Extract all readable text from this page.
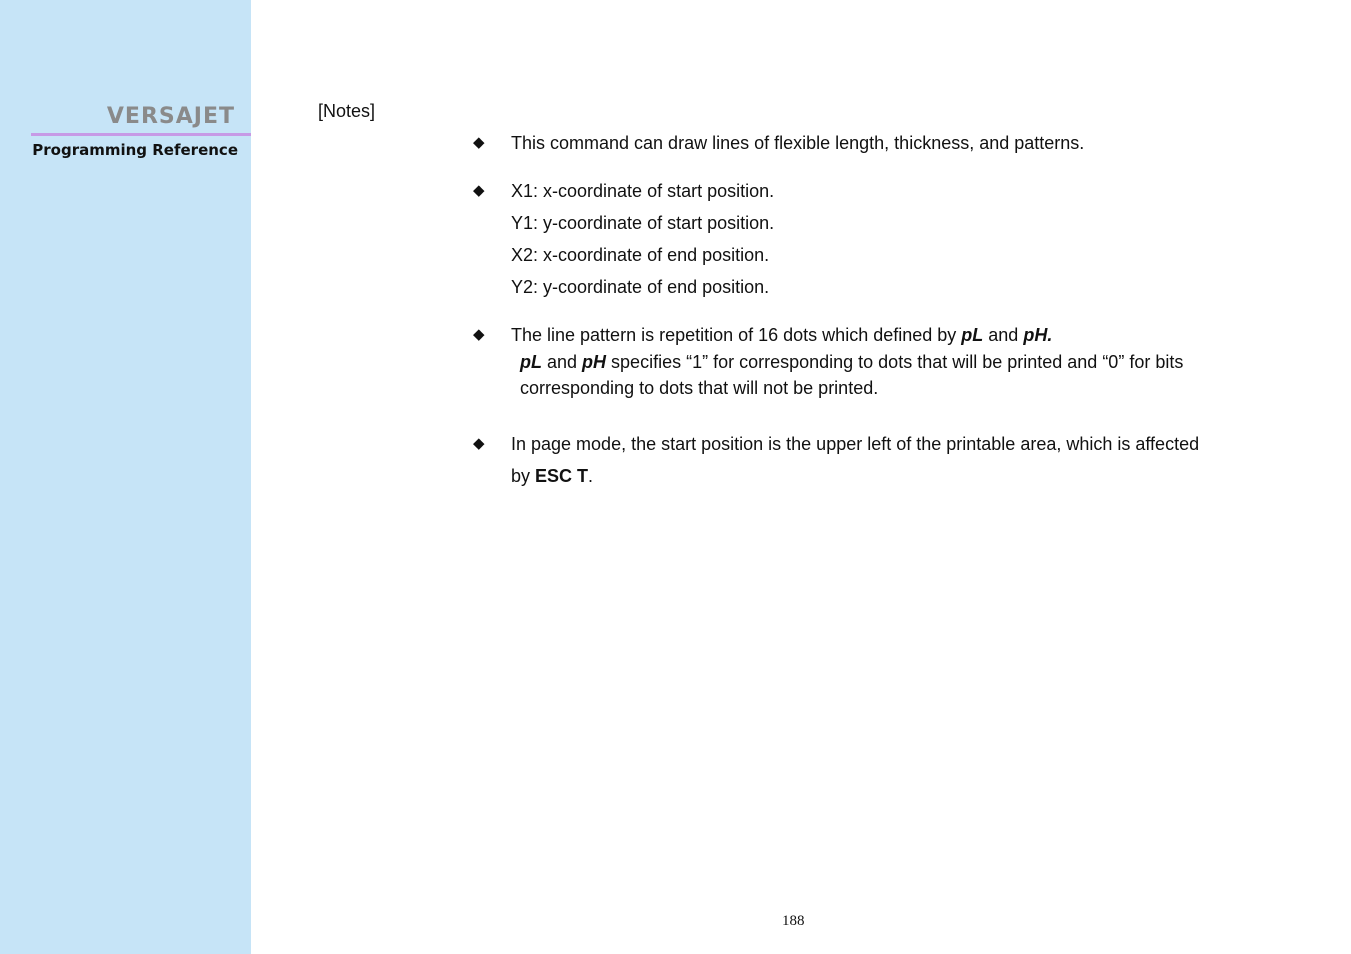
VERSAJET
Programming Reference
[Notes]
◆ This command can draw lines of flexible length, thickness, and patterns.
◆ X1: x-coordinate of start position.
Y1: y-coordinate of start position.
X2: x-coordinate of end position.
Y2: y-coordinate of end position.
◆ The line pattern is repetition of 16 dots which defined by pL and pH.
pL and pH specifies “1” for corresponding to dots that will be printed and “0” for bits
corresponding to dots that will not be printed.
◆ In page mode, the start position is the upper left of the printable area, which is affected
by ESC T.
188
